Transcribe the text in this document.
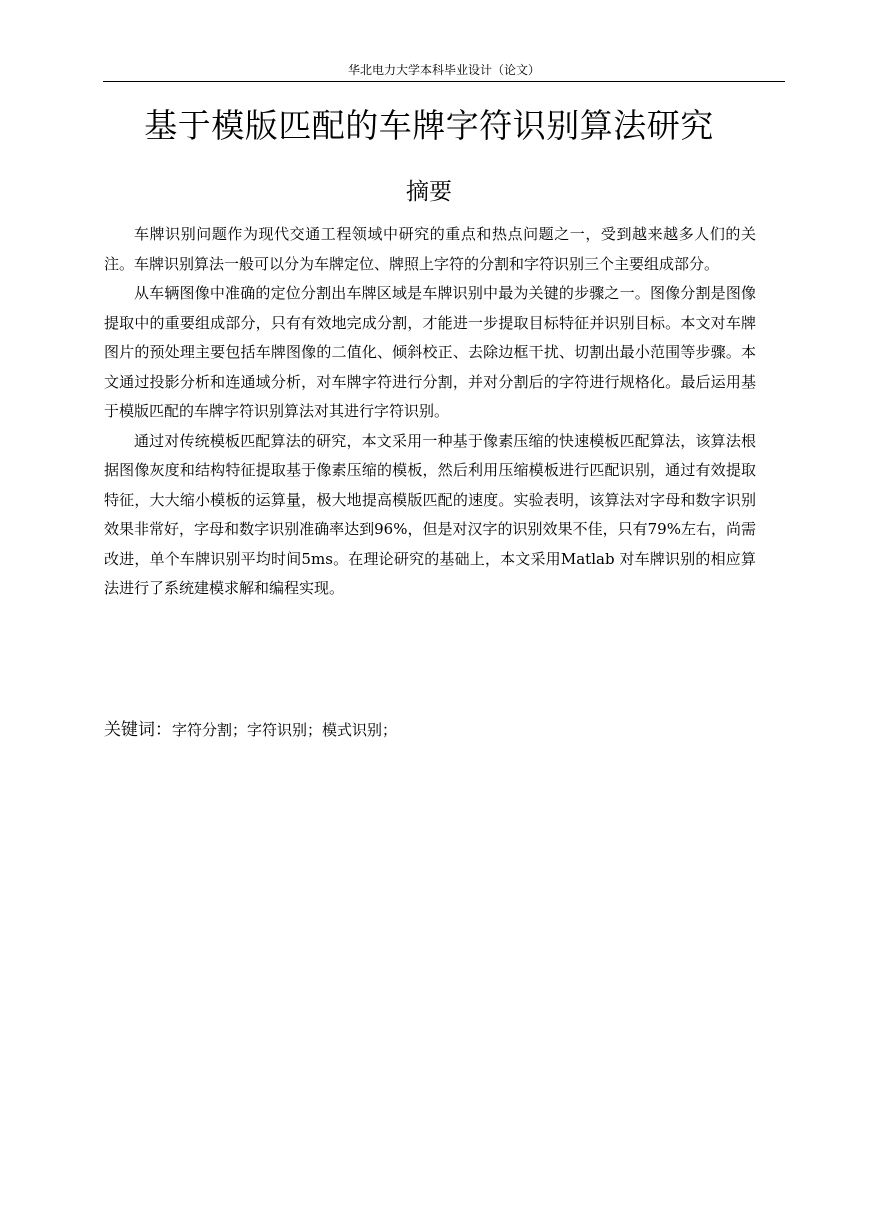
华北电力大学本科毕业设计（论文）
基于模版匹配的车牌字符识别算法研究
摘要

车牌识别问题作为现代交通工程领域中研究的重点和热点问题之一，受到越来越多人们的关注。车牌识别算法一般可以分为车牌定位、牌照上字符的分割和字符识别三个主要组成部分。

从车辆图像中准确的定位分割出车牌区域是车牌识别中最为关键的步骤之一。图像分割是图像提取中的重要组成部分，只有有效地完成分割，才能进一步提取目标特征并识别目标。本文对车牌图片的预处理主要包括车牌图像的二值化、倾斜校正、去除边框干扰、切割出最小范围等步骤。本文通过投影分析和连通域分析，对车牌字符进行分割，并对分割后的字符进行规格化。最后运用基于模版匹配的车牌字符识别算法对其进行字符识别。

通过对传统模板匹配算法的研究，本文采用一种基于像素压缩的快速模板匹配算法，该算法根据图像灰度和结构特征提取基于像素压缩的模板，然后利用压缩模板进行匹配识别，通过有效提取特征，大大缩小模板的运算量，极大地提高模版匹配的速度。实验表明，该算法对字母和数字识别效果非常好，字母和数字识别准确率达到96%，但是对汉字的识别效果不佳，只有79%左右，尚需改进，单个车牌识别平均时间5ms。在理论研究的基础上，本文采用Matlab 对车牌识别的相应算法进行了系统建模求解和编程实现。

关键词：字符分割；字符识别；模式识别；
